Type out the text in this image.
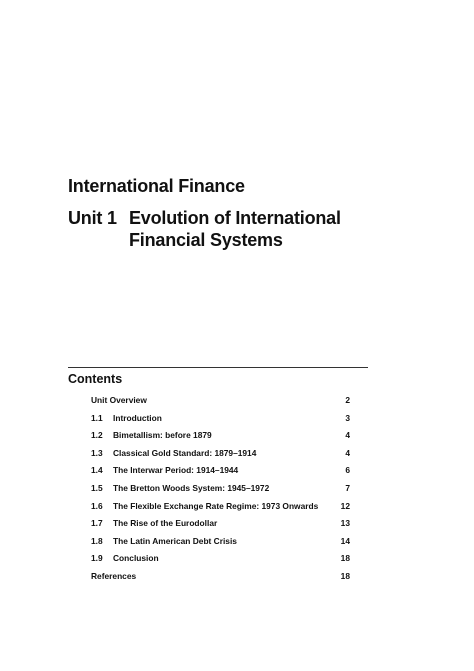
International Finance
Unit 1 Evolution of International Financial Systems
Contents
Unit Overview	2
1.1 Introduction	3
1.2 Bimetallism: before 1879	4
1.3 Classical Gold Standard: 1879–1914	4
1.4 The Interwar Period: 1914–1944	6
1.5 The Bretton Woods System: 1945–1972	7
1.6 The Flexible Exchange Rate Regime: 1973 Onwards	12
1.7 The Rise of the Eurodollar	13
1.8 The Latin American Debt Crisis	14
1.9 Conclusion	18
References	18
